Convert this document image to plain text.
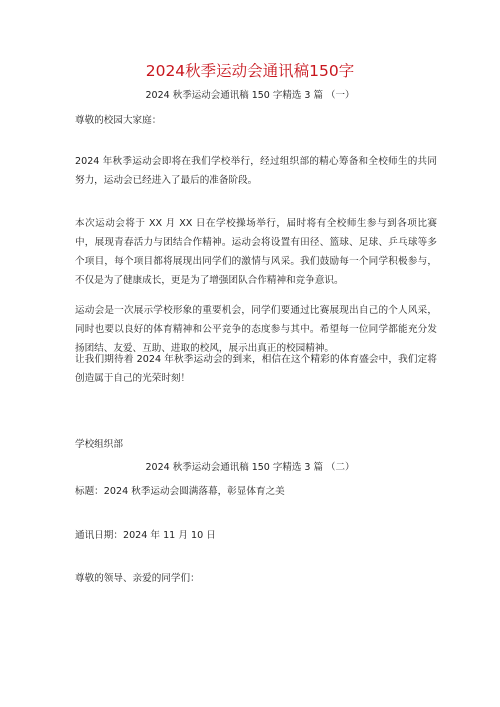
2024秋季运动会通讯稿150字

2024 秋季运动会通讯稿 150 字精选 3 篇 （一）

尊敬的校园大家庭：

2024 年秋季运动会即将在我们学校举行，经过组织部的精心筹备和全校师生的共同努力，运动会已经进入了最后的准备阶段。

本次运动会将于 XX 月 XX 日在学校操场举行，届时将有全校师生参与到各项比赛中，展现青春活力与团结合作精神。运动会将设置有田径、篮球、足球、乒乓球等多个项目，每个项目都将展现出同学们的激情与风采。我们鼓励每一个同学积极参与，不仅是为了健康成长，更是为了增强团队合作精神和竞争意识。

运动会是一次展示学校形象的重要机会，同学们要通过比赛展现出自己的个人风采，同时也要以良好的体育精神和公平竞争的态度参与其中。希望每一位同学都能充分发扬团结、友爱、互助、进取的校风，展示出真正的校园精神。

让我们期待着 2024 年秋季运动会的到来，相信在这个精彩的体育盛会中，我们定将创造属于自己的光荣时刻！

学校组织部

2024 秋季运动会通讯稿 150 字精选 3 篇 （二）

标题：2024 秋季运动会圆满落幕，彰显体育之美

通讯日期：2024 年 11 月 10 日

尊敬的领导、亲爱的同学们：
